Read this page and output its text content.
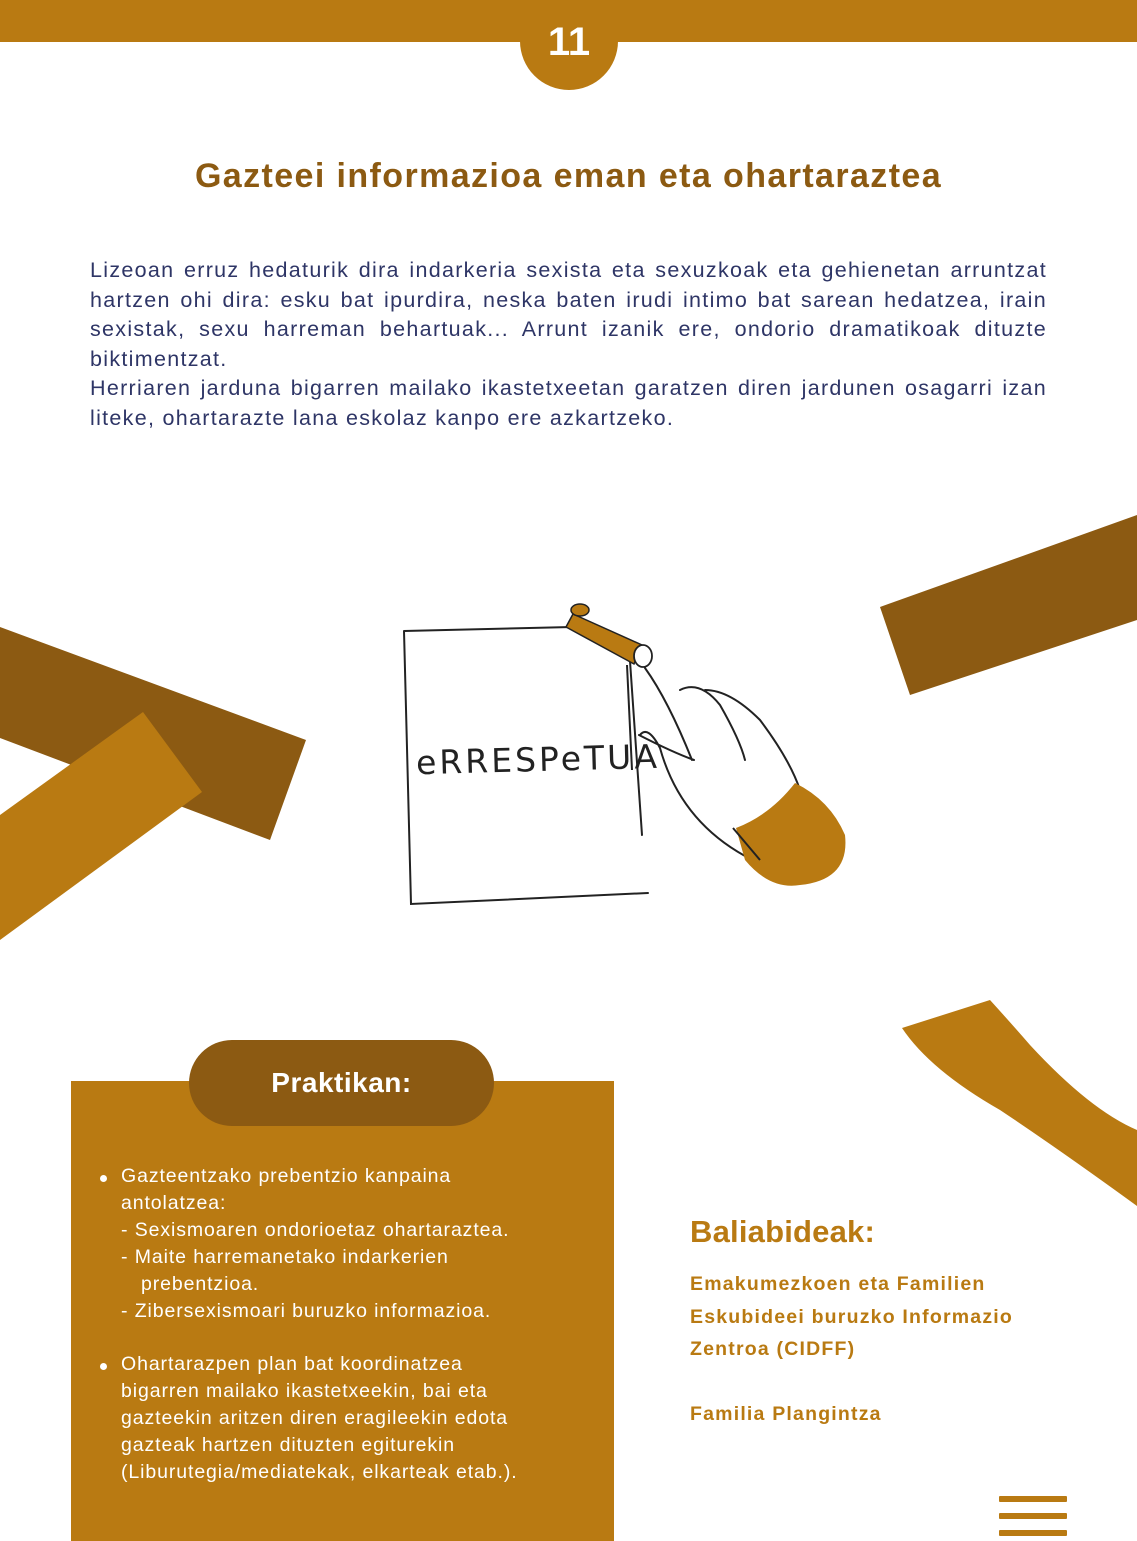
11
Gazteei informazioa eman eta ohartaraztea

Lizeoan erruz hedaturik dira indarkeria sexista eta sexuzkoak eta gehienetan arruntzat hartzen ohi dira: esku bat ipurdira, neska baten irudi intimo bat sarean hedatzea, irain sexistak, sexu harreman behartuak... Arrunt izanik ere, ondorio dramatikoak dituzte biktimentzat.

Herriaren jarduna bigarren mailako ikastetxeetan garatzen diren jardunen osagarri izan liteke, ohartarazte lana eskolaz kanpo ere azkartzeko.

eRRESPeTUA
Praktikan:
Gazteentzako prebentzio kanpaina
antolatzea:
- Sexismoaren ondorioetaz ohartaraztea.
- Maite harremanetako indarkerien
prebentzioa.
- Zibersexismoari buruzko informazioa.
Ohartarazpen plan bat koordinatzea
bigarren mailako ikastetxeekin, bai eta
gazteekin aritzen diren eragileekin edota
gazteak hartzen dituzten egiturekin
(Liburutegia/mediatekak, elkarteak etab.).
Baliabideak:

Emakumezkoen eta Familien Eskubideei buruzko Informazio Zentroa (CIDFF)

Familia Plangintza
